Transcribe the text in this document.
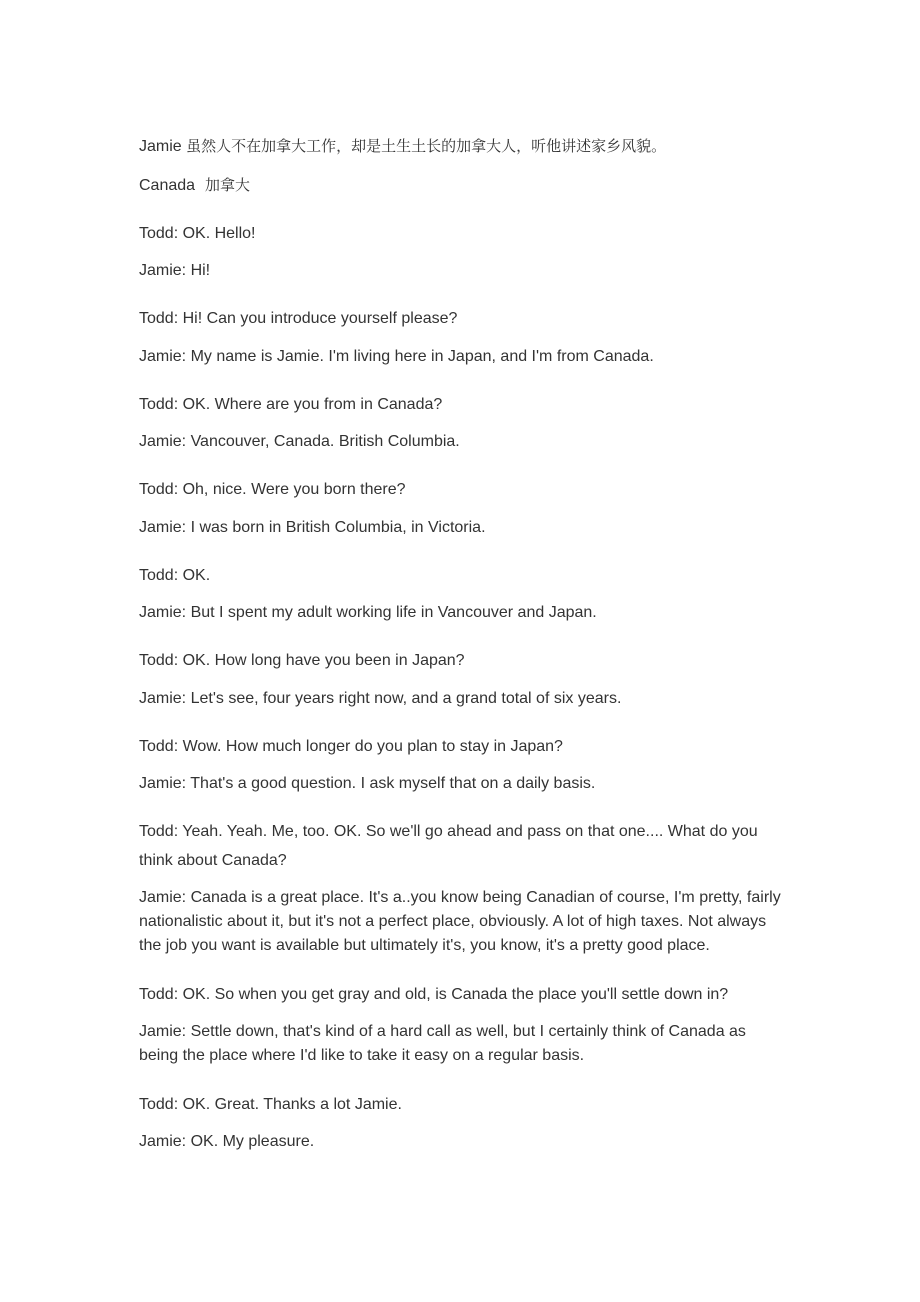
Jamie 虽然人不在加拿大工作，却是土生土长的加拿大人，听他讲述家乡风貌。
Canada 加拿大
Todd: OK. Hello!
Jamie: Hi!
Todd: Hi! Can you introduce yourself please?
Jamie: My name is Jamie. I'm living here in Japan, and I'm from Canada.
Todd: OK. Where are you from in Canada?
Jamie: Vancouver, Canada. British Columbia.
Todd: Oh, nice. Were you born there?
Jamie: I was born in British Columbia, in Victoria.
Todd: OK.
Jamie: But I spent my adult working life in Vancouver and Japan.
Todd: OK. How long have you been in Japan?
Jamie: Let's see, four years right now, and a grand total of six years.
Todd: Wow. How much longer do you plan to stay in Japan?
Jamie: That's a good question. I ask myself that on a daily basis.
Todd: Yeah. Yeah. Me, too. OK. So we'll go ahead and pass on that one.... What do you think about Canada?
Jamie: Canada is a great place. It's a..you know being Canadian of course, I'm pretty, fairly nationalistic about it, but it's not a perfect place, obviously. A lot of high taxes. Not always the job you want is available but ultimately it's, you know, it's a pretty good place.
Todd: OK. So when you get gray and old, is Canada the place you'll settle down in?
Jamie: Settle down, that's kind of a hard call as well, but I certainly think of Canada as being the place where I'd like to take it easy on a regular basis.
Todd: OK. Great. Thanks a lot Jamie.
Jamie: OK. My pleasure.
